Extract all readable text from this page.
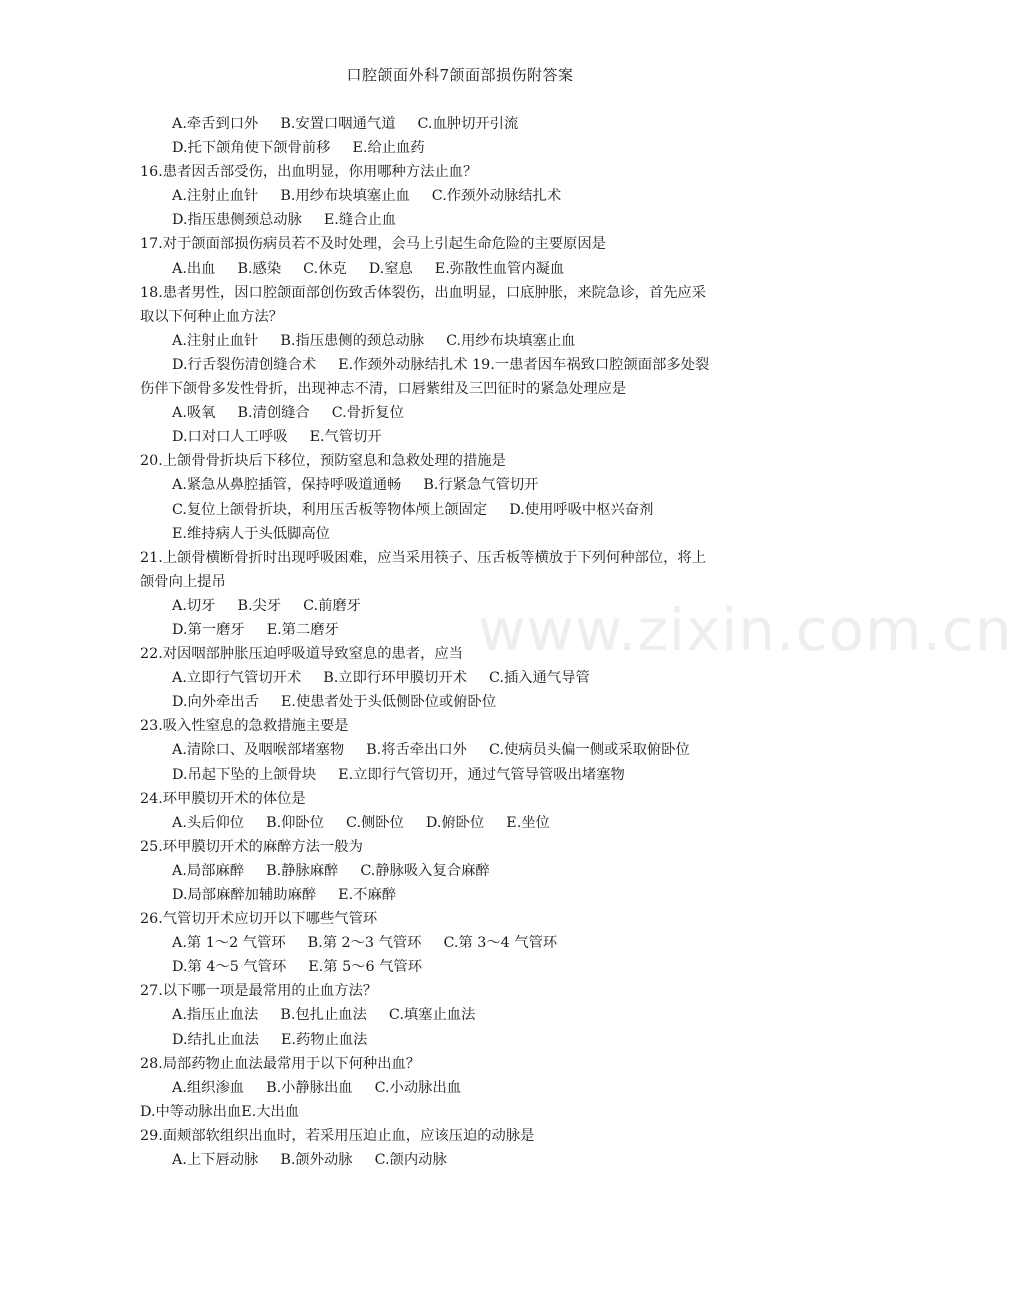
口腔颌面外科7颌面部损伤附答案
www.zixin.com.cn
A.牵舌到口外 B.安置口咽通气道 C.血肿切开引流
D.托下颌角使下颌骨前移 E.给止血药
16.患者因舌部受伤，出血明显，你用哪种方法止血？
A.注射止血针 B.用纱布块填塞止血 C.作颈外动脉结扎术
D.指压患侧颈总动脉 E.缝合止血
17.对于颌面部损伤病员若不及时处理，会马上引起生命危险的主要原因是
A.出血 B.感染 C.休克 D.窒息 E.弥散性血管内凝血
18.患者男性，因口腔颌面部创伤致舌体裂伤，出血明显，口底肿胀，来院急诊，首先应采
取以下何种止血方法？
A.注射止血针 B.指压患侧的颈总动脉 C.用纱布块填塞止血
D.行舌裂伤清创缝合术 E.作颈外动脉结扎术 19.一患者因车祸致口腔颌面部多处裂
伤伴下颌骨多发性骨折，出现神志不清，口唇紫绀及三凹征时的紧急处理应是
A.吸氧 B.清创缝合 C.骨折复位
D.口对口人工呼吸 E.气管切开
20.上颌骨骨折块后下移位，预防窒息和急救处理的措施是
A.紧急从鼻腔插管，保持呼吸道通畅 B.行紧急气管切开
C.复位上颌骨折块，利用压舌板等物体颅上颌固定 D.使用呼吸中枢兴奋剂
E.维持病人于头低脚高位
21.上颌骨横断骨折时出现呼吸困难，应当采用筷子、压舌板等横放于下列何种部位，将上
颌骨向上提吊
A.切牙 B.尖牙 C.前磨牙
D.第一磨牙 E.第二磨牙
22.对因咽部肿胀压迫呼吸道导致窒息的患者，应当
A.立即行气管切开术 B.立即行环甲膜切开术 C.插入通气导管
D.向外牵出舌 E.使患者处于头低侧卧位或俯卧位
23.吸入性窒息的急救措施主要是
A.清除口、及咽喉部堵塞物 B.将舌牵出口外 C.使病员头偏一侧或采取俯卧位
D.吊起下坠的上颌骨块 E.立即行气管切开，通过气管导管吸出堵塞物
24.环甲膜切开术的体位是
A.头后仰位 B.仰卧位 C.侧卧位 D.俯卧位 E.坐位
25.环甲膜切开术的麻醉方法一般为
A.局部麻醉 B.静脉麻醉 C.静脉吸入复合麻醉
D.局部麻醉加辅助麻醉 E.不麻醉
26.气管切开术应切开以下哪些气管环
A.第 1～2 气管环 B.第 2～3 气管环 C.第 3～4 气管环
D.第 4～5 气管环 E.第 5～6 气管环
27.以下哪一项是最常用的止血方法？
A.指压止血法 B.包扎止血法 C.填塞止血法
D.结扎止血法 E.药物止血法
28.局部药物止血法最常用于以下何种出血？
A.组织渗血 B.小静脉出血 C.小动脉出血
D.中等动脉出血E.大出血
29.面颊部软组织出血时，若采用压迫止血，应该压迫的动脉是
A.上下唇动脉 B.颌外动脉 C.颌内动脉
